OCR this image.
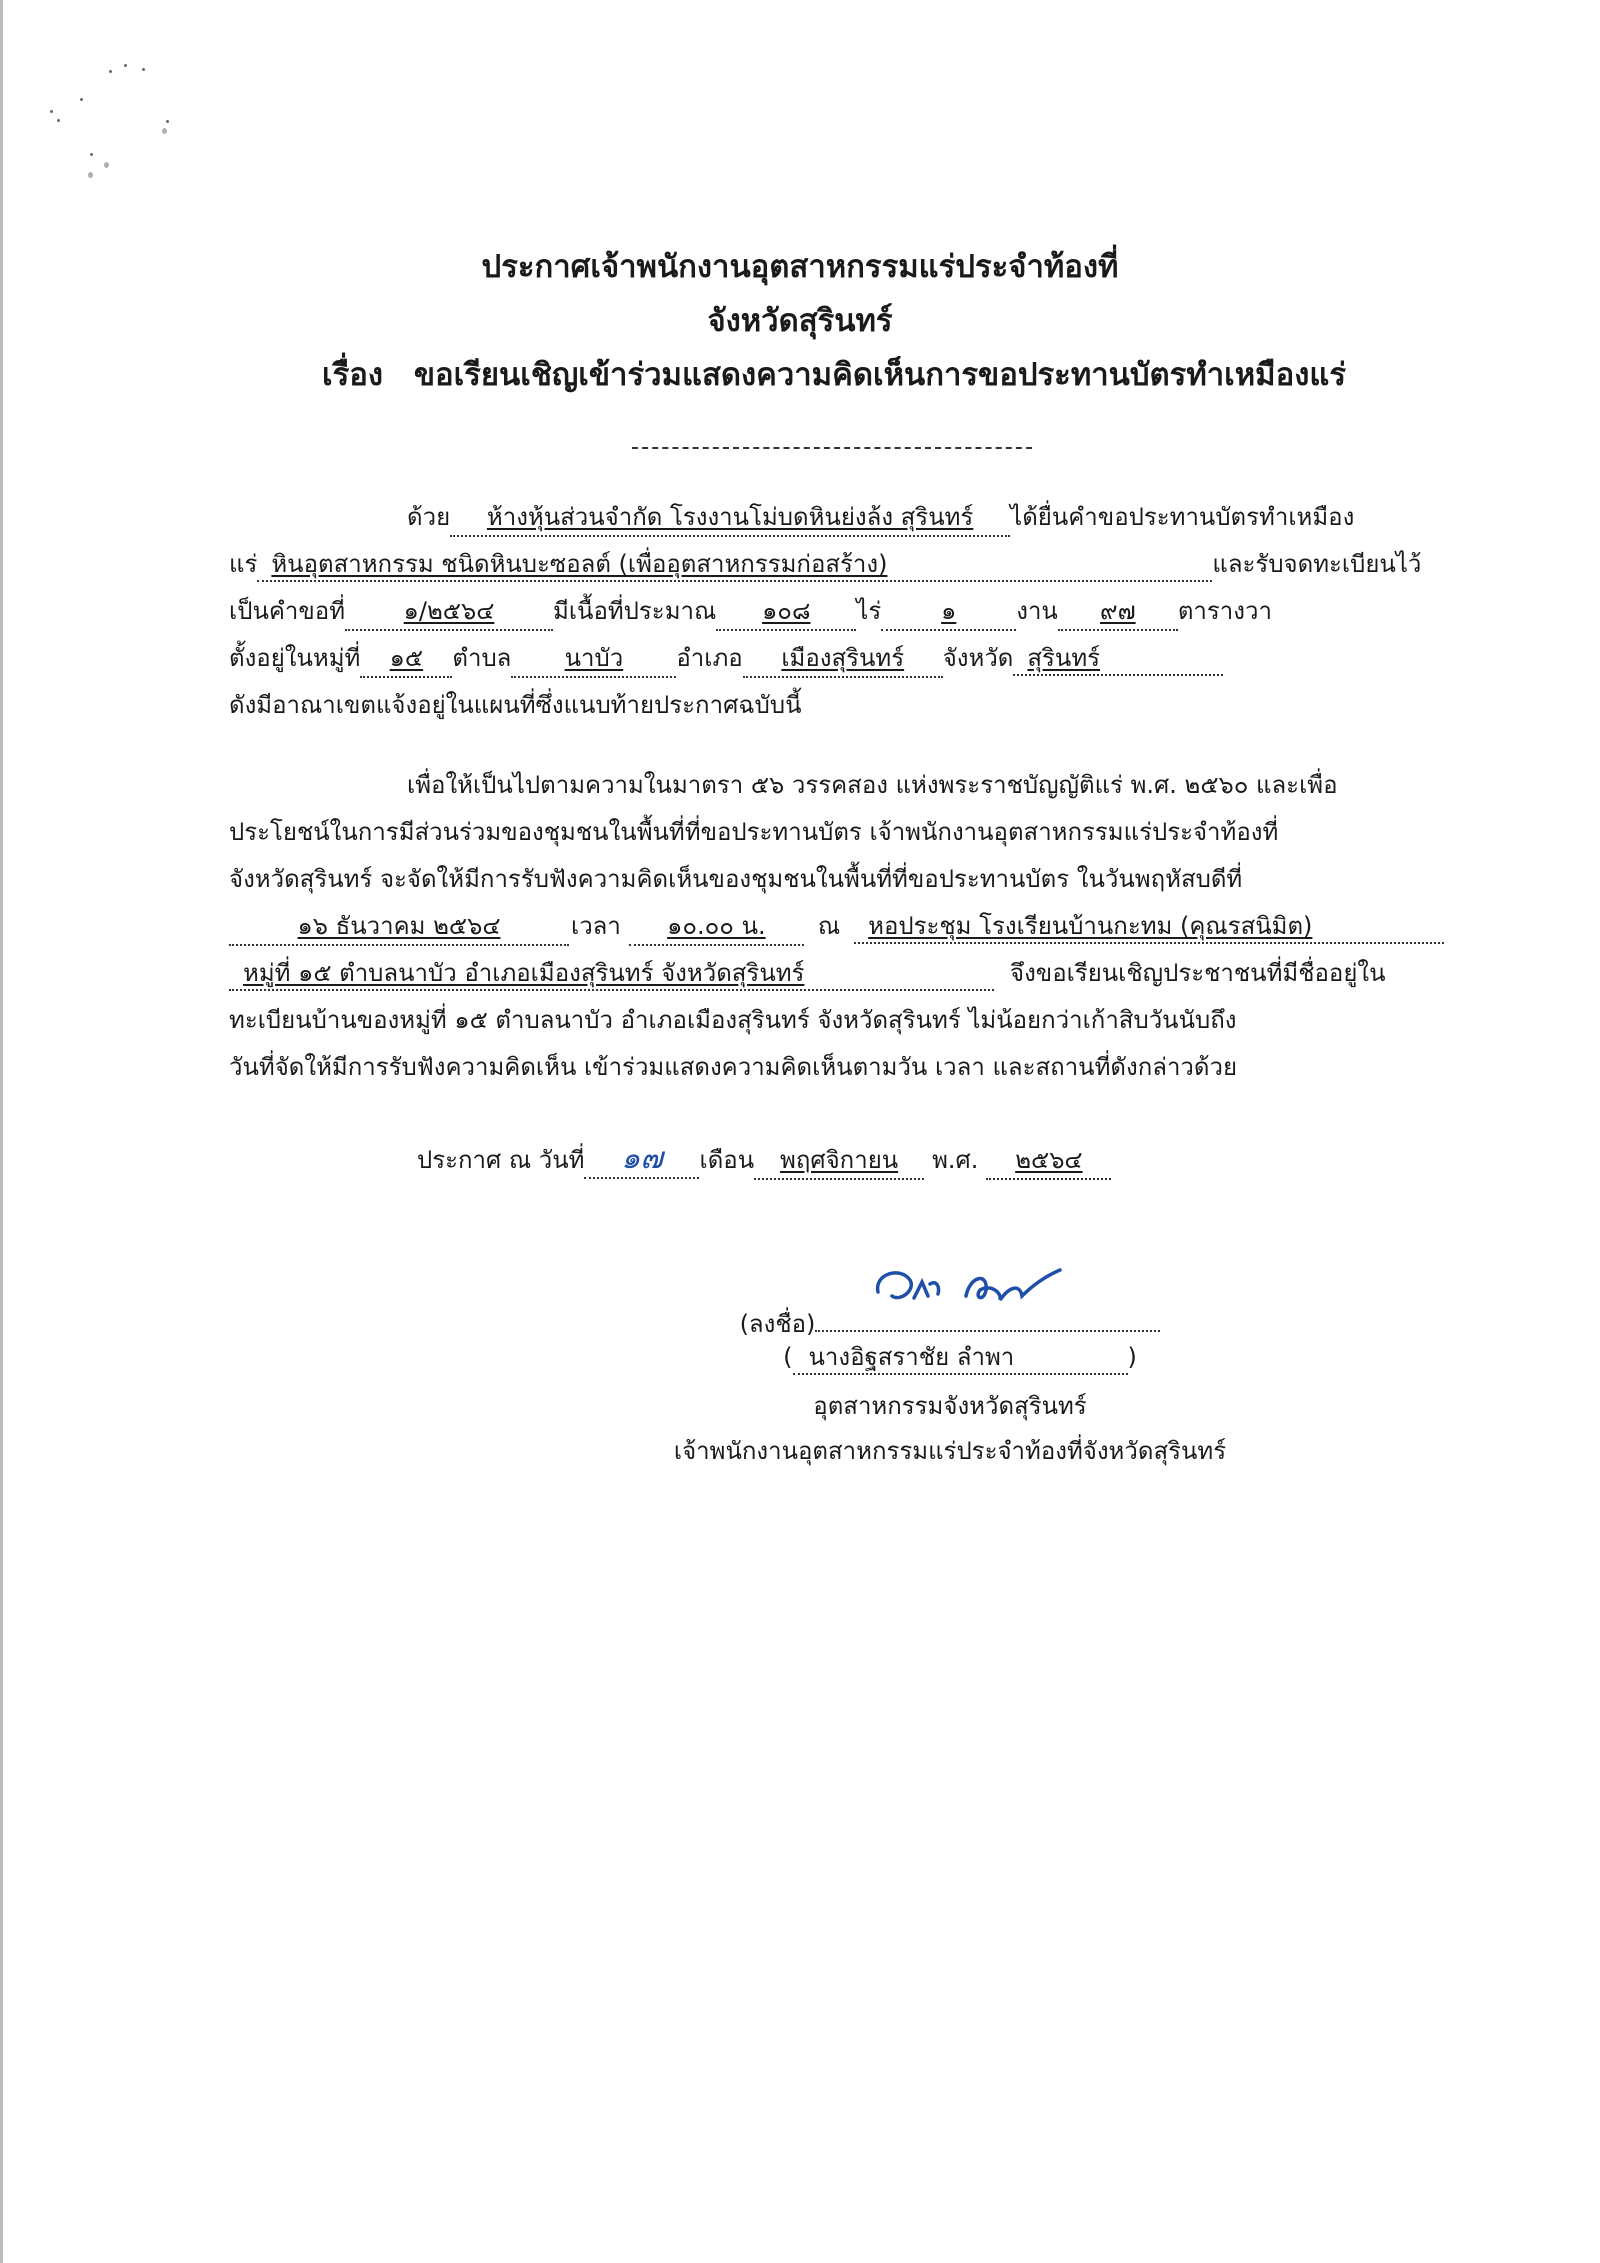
ประกาศเจ้าพนักงานอุตสาหกรรมแร่ประจำท้องที่
จังหวัดสุรินทร์
เรื่อง ขอเรียนเชิญเข้าร่วมแสดงความคิดเห็นการขอประทานบัตรทำเหมืองแร่
ด้วย	ห้างหุ้นส่วนจำกัด โรงงานโม่บดหินย่งล้ง สุรินทร์	ได้ยื่นคำขอประทานบัตรทำเหมือง
แร่ หินอุตสาหกรรม ชนิดหินบะซอลต์ (เพื่ออุตสาหกรรมก่อสร้าง)	และรับจดทะเบียนไว้
เป็นคำขอที่	๑/๒๕๖๔	มีเนื้อที่ประมาณ	๑๐๘	ไร่	๑	งาน	๙๗	ตารางวา
ตั้งอยู่ในหมู่ที่	๑๕	ตำบล	นาบัว	อำเภอ	เมืองสุรินทร์	จังหวัด สุรินทร์
ดังมีอาณาเขตแจ้งอยู่ในแผนที่ซึ่งแนบท้ายประกาศฉบับนี้
เพื่อให้เป็นไปตามความในมาตรา ๕๖ วรรคสอง แห่งพระราชบัญญัติแร่ พ.ศ. ๒๕๖๐ และเพื่อ
ประโยชน์ในการมีส่วนร่วมของชุมชนในพื้นที่ที่ขอประทานบัตร เจ้าพนักงานอุตสาหกรรมแร่ประจำท้องที่
จังหวัดสุรินทร์ จะจัดให้มีการรับฟังความคิดเห็นของชุมชนในพื้นที่ที่ขอประทานบัตร ในวันพฤหัสบดีที่
๑๖ ธันวาคม ๒๕๖๔	เวลา	๑๐.๐๐ น.	ณ	หอประชุม โรงเรียนบ้านกะทม (คุณรสนิมิต)
หมู่ที่ ๑๕ ตำบลนาบัว อำเภอเมืองสุรินทร์ จังหวัดสุรินทร์	จึงขอเรียนเชิญประชาชนที่มีชื่ออยู่ใน
ทะเบียนบ้านของหมู่ที่ ๑๕ ตำบลนาบัว อำเภอเมืองสุรินทร์ จังหวัดสุรินทร์ ไม่น้อยกว่าเก้าสิบวันนับถึง
วันที่จัดให้มีการรับฟังความคิดเห็น เข้าร่วมแสดงความคิดเห็นตามวัน เวลา และสถานที่ดังกล่าวด้วย
ประกาศ ณ วันที่	๑๗	เดือน	พฤศจิกายน	พ.ศ.	๒๕๖๔
(ลงชื่อ)
( นางอิฐสราชัย ลำพา	)
อุตสาหกรรมจังหวัดสุรินทร์
เจ้าพนักงานอุตสาหกรรมแร่ประจำท้องที่จังหวัดสุรินทร์
